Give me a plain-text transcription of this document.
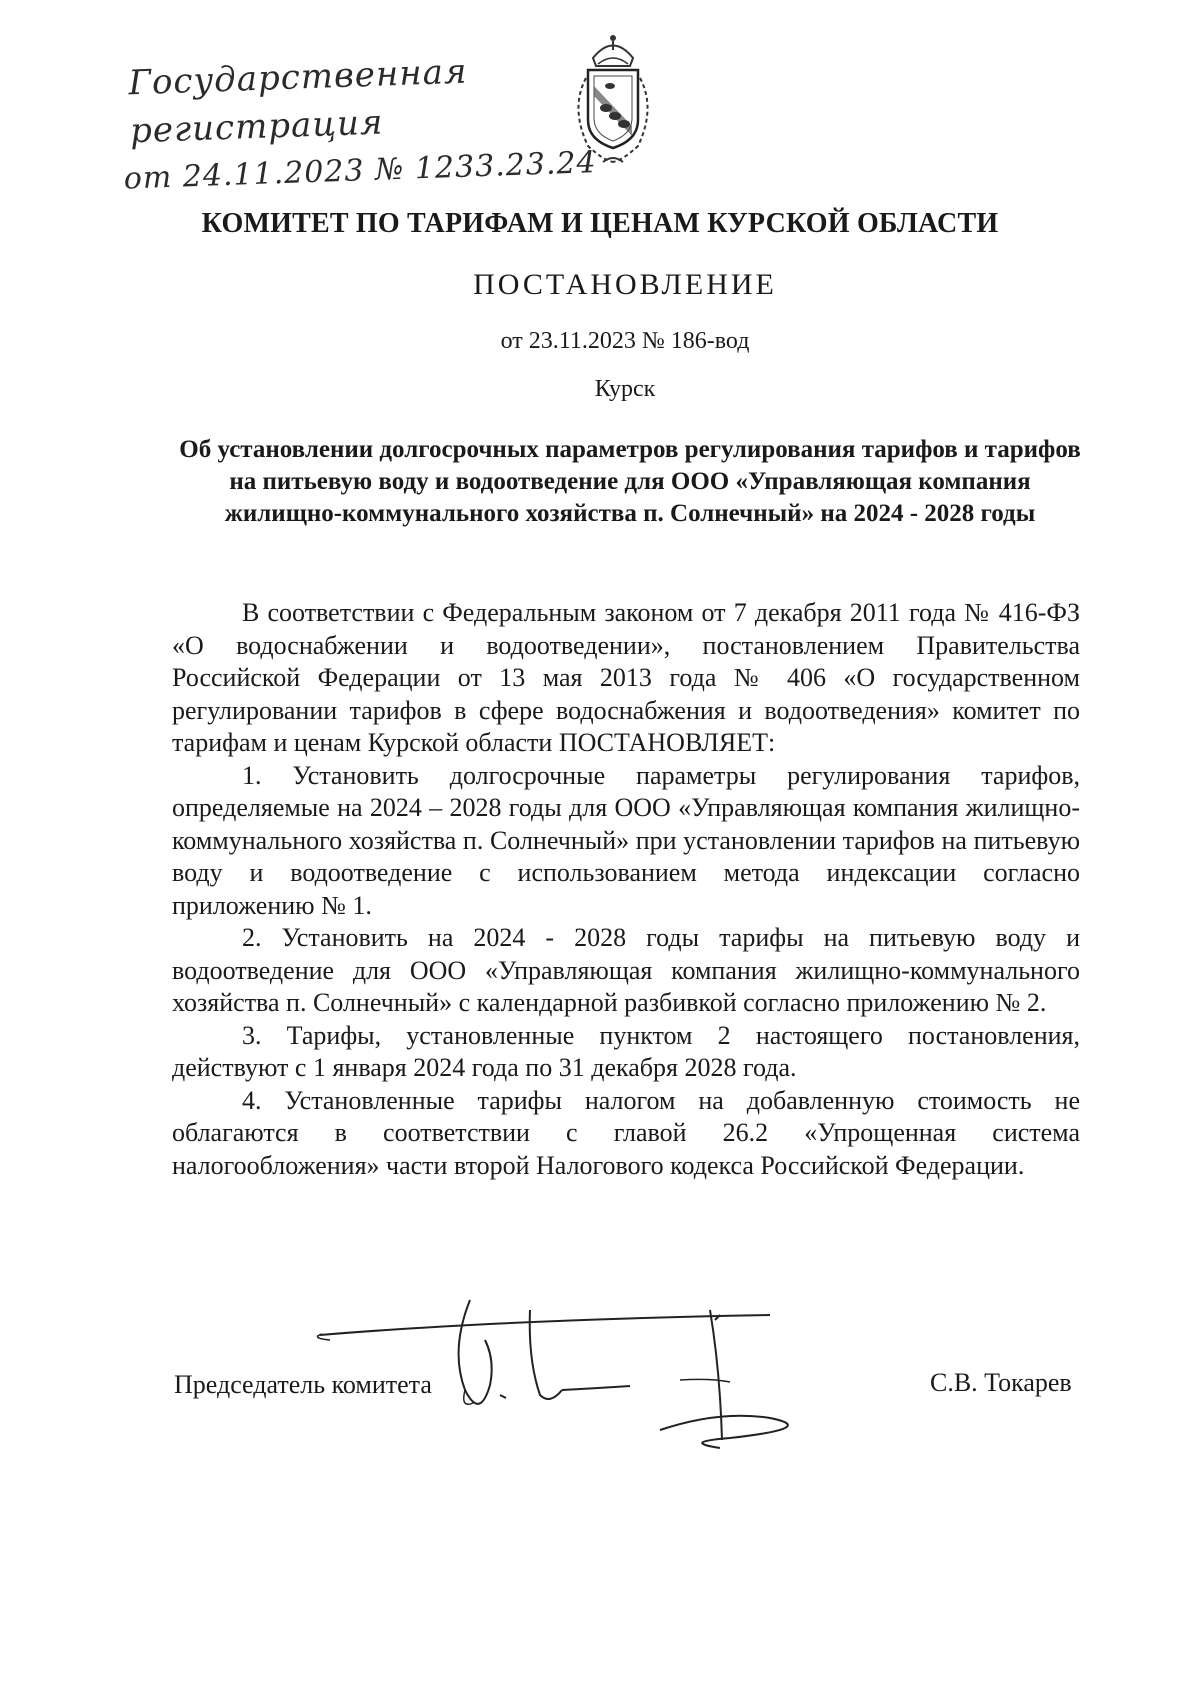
Государственная
регистрация
от 24.11.2023 № 1233.23.24
КОМИТЕТ ПО ТАРИФАМ И ЦЕНАМ КУРСКОЙ ОБЛАСТИ
ПОСТАНОВЛЕНИЕ
от 23.11.2023 № 186-вод
Курск
Об установлении долгосрочных параметров регулирования тарифов и тарифов на питьевую воду и водоотведение для ООО «Управляющая компания жилищно-коммунального хозяйства п. Солнечный» на 2024 - 2028 годы

В соответствии с Федеральным законом от 7 декабря 2011 года № 416-ФЗ «О водоснабжении и водоотведении», постановлением Правительства Российской Федерации от 13 мая 2013 года № 406 «О государственном регулировании тарифов в сфере водоснабжения и водоотведения» комитет по тарифам и ценам Курской области ПОСТАНОВЛЯЕТ:

1. Установить долгосрочные параметры регулирования тарифов, определяемые на 2024 – 2028 годы для ООО «Управляющая компания жилищно-коммунального хозяйства п. Солнечный» при установлении тарифов на питьевую воду и водоотведение с использованием метода индексации согласно приложению № 1.

2. Установить на 2024 - 2028 годы тарифы на питьевую воду и водоотведение для ООО «Управляющая компания жилищно-коммунального хозяйства п. Солнечный» с календарной разбивкой согласно приложению № 2.

3. Тарифы, установленные пунктом 2 настоящего постановления, действуют с 1 января 2024 года по 31 декабря 2028 года.

4. Установленные тарифы налогом на добавленную стоимость не облагаются в соответствии с главой 26.2 «Упрощенная система налогообложения» части второй Налогового кодекса Российской Федерации.

Председатель комитета	С.В. Токарев
